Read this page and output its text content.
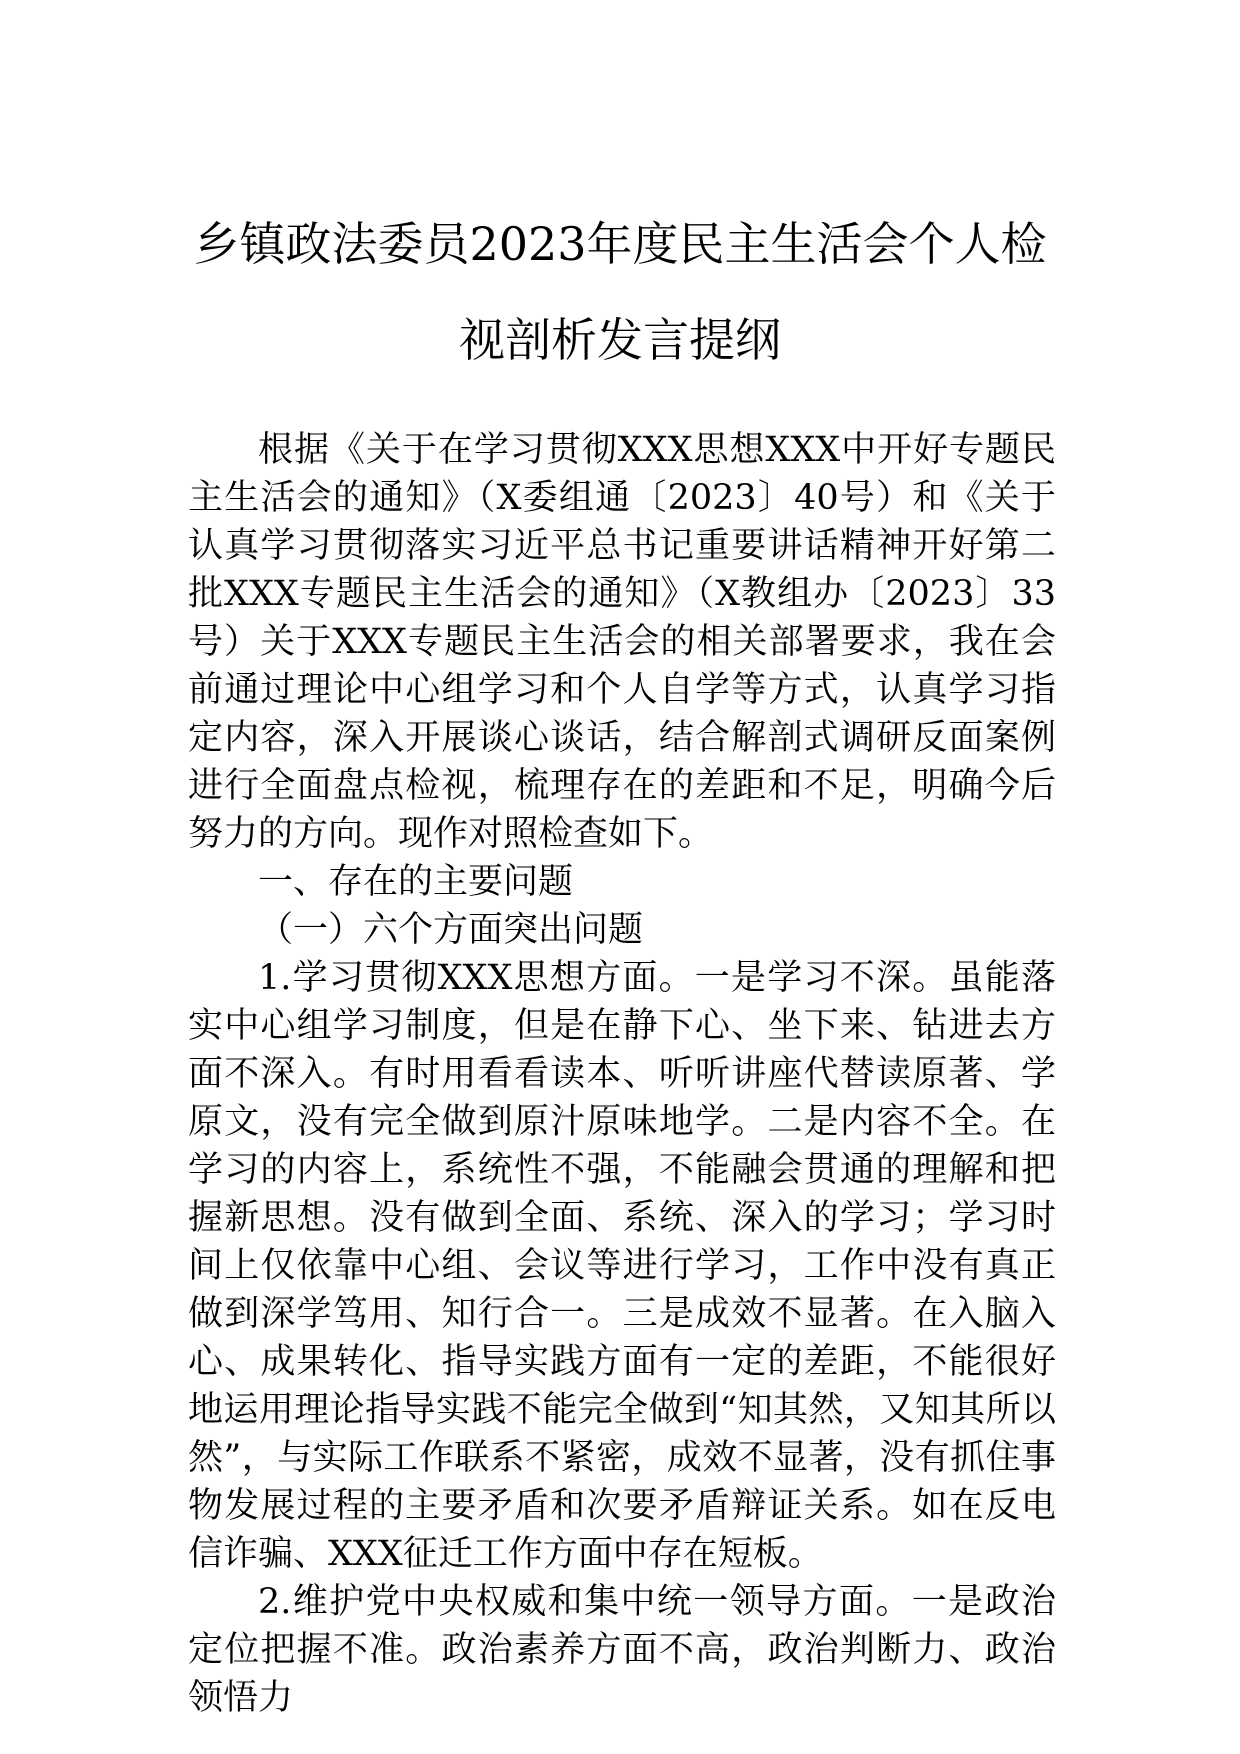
乡镇政法委员2023年度民主生活会个人检
视剖析发言提纲

根据《关于在学习贯彻XXX思想XXX中开好专题民主生活会的通知》（X委组通〔2023〕40号）和《关于认真学习贯彻落实习近平总书记重要讲话精神开好第二批XXX专题民主生活会的通知》（X教组办〔2023〕33号）关于XXX专题民主生活会的相关部署要求，我在会前通过理论中心组学习和个人自学等方式，认真学习指定内容，深入开展谈心谈话，结合解剖式调研反面案例进行全面盘点检视，梳理存在的差距和不足，明确今后努力的方向。现作对照检查如下。

一、存在的主要问题

（一）六个方面突出问题

1.学习贯彻XXX思想方面。一是学习不深。虽能落实中心组学习制度，但是在静下心、坐下来、钻进去方面不深入。有时用看看读本、听听讲座代替读原著、学原文，没有完全做到原汁原味地学。二是内容不全。在学习的内容上，系统性不强，不能融会贯通的理解和把握新思想。没有做到全面、系统、深入的学习；学习时间上仅依靠中心组、会议等进行学习，工作中没有真正做到深学笃用、知行合一。三是成效不显著。在入脑入心、成果转化、指导实践方面有一定的差距，不能很好地运用理论指导实践不能完全做到“知其然，又知其所以然”，与实际工作联系不紧密，成效不显著，没有抓住事物发展过程的主要矛盾和次要矛盾辩证关系。如在反电信诈骗、XXX征迁工作方面中存在短板。

2.维护党中央权威和集中统一领导方面。一是政治定位把握不准。政治素养方面不高，政治判断力、政治领悟力
